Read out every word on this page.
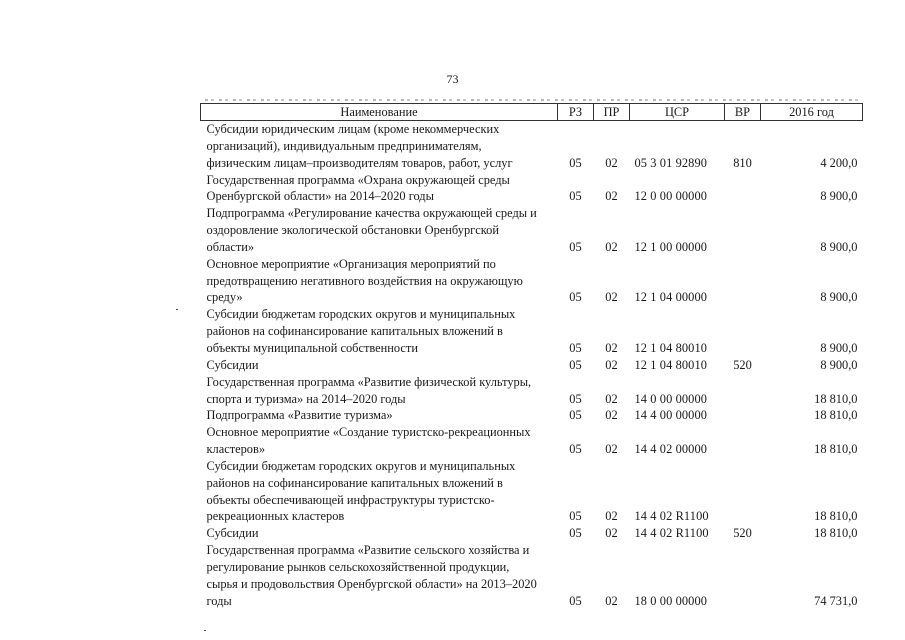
73
Наименование	РЗ	ПР	ЦСР	ВР	2016 год

Субсидии юридическим лицам (кроме некоммерческих
организаций), индивидуальным предпринимателям,
физическим лицам–производителям товаров, работ, услуг	05	02	05 3 01 92890	810	4 200,0

Государственная программа «Охрана окружающей среды
Оренбургской области» на 2014–2020 годы	05	02	12 0 00 00000		8 900,0

Подпрограмма «Регулирование качества окружающей среды и
оздоровление экологической обстановки Оренбургской
области»	05	02	12 1 00 00000		8 900,0

Основное мероприятие «Организация мероприятий по
предотвращению негативного воздействия на окружающую
среду»	05	02	12 1 04 00000		8 900,0

Субсидии бюджетам городских округов и муниципальных
районов на софинансирование капитальных вложений в
объекты муниципальной собственности	05	02	12 1 04 80010		8 900,0

Субсидии	05	02	12 1 04 80010	520	8 900,0

Государственная программа «Развитие физической культуры,
спорта и туризма» на 2014–2020 годы	05	02	14 0 00 00000		18 810,0

Подпрограмма «Развитие туризма»	05	02	14 4 00 00000		18 810,0

Основное мероприятие «Создание туристско-рекреационных
кластеров»	05	02	14 4 02 00000		18 810,0

Субсидии бюджетам городских округов и муниципальных
районов на софинансирование капитальных вложений в
объекты обеспечивающей инфраструктуры туристско-
рекреационных кластеров	05	02	14 4 02 R1100		18 810,0

Субсидии	05	02	14 4 02 R1100	520	18 810,0

Государственная программа «Развитие сельского хозяйства и
регулирование рынков сельскохозяйственной продукции,
сырья и продовольствия Оренбургской области» на 2013–2020
годы	05	02	18 0 00 00000		74 731,0
